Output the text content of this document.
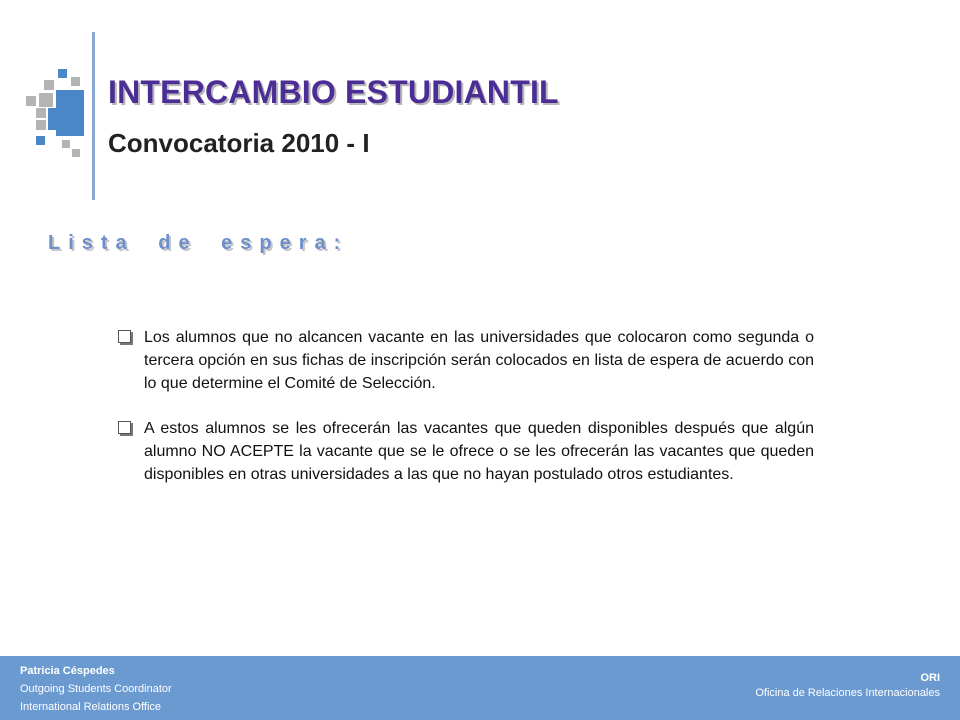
INTERCAMBIO ESTUDIANTIL
Convocatoria 2010 - I
Lista de espera:
Los alumnos que no alcancen vacante en las universidades que colocaron como segunda o tercera opción en sus fichas de inscripción serán colocados en lista de espera de acuerdo con lo que determine el Comité de Selección.
A estos alumnos se les ofrecerán las vacantes que queden disponibles después que algún alumno NO ACEPTE la vacante que se le ofrece o se les ofrecerán las vacantes que queden disponibles en otras universidades a las que no hayan postulado otros estudiantes.
Patricia Céspedes
Outgoing Students Coordinator
International Relations Office
ORI
Oficina de Relaciones Internacionales
